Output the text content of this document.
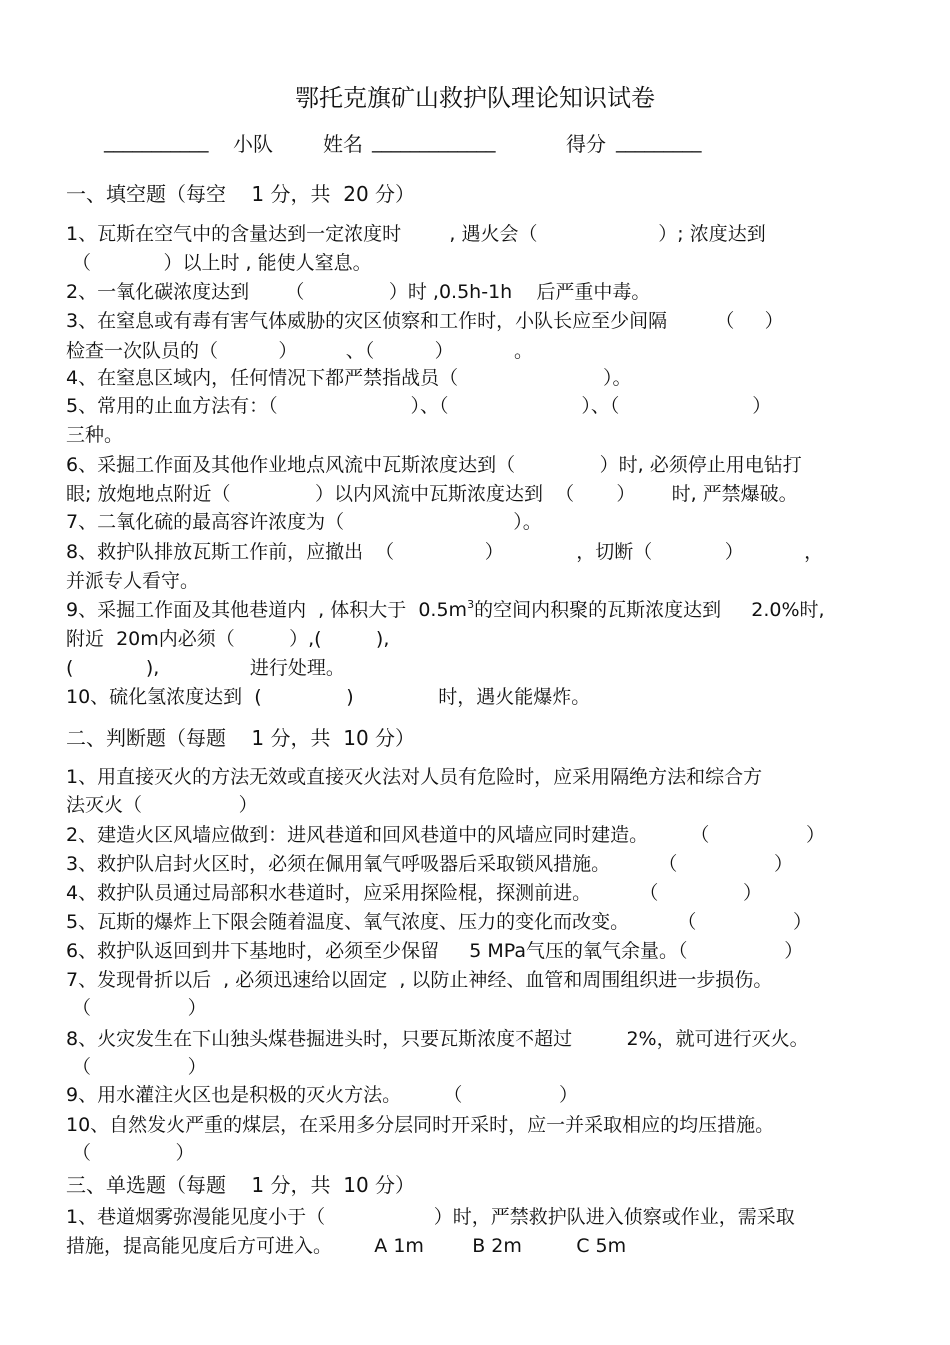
鄂托克旗矿山救护队理论知识试卷
___________ 小队	姓名 _____________	得分 _________
一、填空题（每空    1 分，共  20 分）
1、瓦斯在空气中的含量达到一定浓度时        , 遇火会（                    ）; 浓度达到
（            ）以上时 , 能使人窒息。
2、一氧化碳浓度达到      （              ）时 ,0.5h-1h    后严重中毒。
3、在窒息或有毒有害气体威胁的灾区侦察和工作时，小队长应至少间隔        （     ）
检查一次队员的（          ）        、（          ）          。
4、在窒息区域内，任何情况下都严禁指战员（                        ）。
5、常用的止血方法有：（                      ）、（                      ）、（                      ）
三种。
6、采掘工作面及其他作业地点风流中瓦斯浓度达到（              ）时, 必须停止用电钻打
眼; 放炮地点附近（              ）以内风流中瓦斯浓度达到  （       ）      时, 严禁爆破。
7、二氧化硫的最高容许浓度为（                            ）。
8、救护队排放瓦斯工作前，应撤出  （               ）            ，切断（            ）          ，
并派专人看守。
9、采掘工作面及其他巷道内  , 体积大于  $0.5m^3$的空间内积聚的瓦斯浓度达到     2.0%时,
附近  20m内必须（         ）,(         ),
(            ),               进行处理。
10、硫化氢浓度达到  (              )              时，遇火能爆炸。
二、判断题（每题    1 分，共  10 分）
1、用直接灭火的方法无效或直接灭火法对人员有危险时，应采用隔绝方法和综合方
法灭火（                ）
2、建造火区风墙应做到：进风巷道和回风巷道中的风墙应同时建造。       （                ）
3、救护队启封火区时，必须在佩用氧气呼吸器后采取锁风措施。        （                ）
4、救护队员通过局部积水巷道时，应采用探险棍，探测前进。        （              ）
5、瓦斯的爆炸上下限会随着温度、氧气浓度、压力的变化而改变。        （                ）
6、救护队返回到井下基地时，必须至少保留     5 MPa气压的氧气余量。（                ）
7、发现骨折以后  , 必须迅速给以固定  , 以防止神经、血管和周围组织进一步损伤。
（                ）
8、火灾发生在下山独头煤巷掘进头时，只要瓦斯浓度不超过         2%，就可进行灭火。
（                ）
9、用水灌注火区也是积极的灭火方法。       （                ）
10、自然发火严重的煤层，在采用多分层同时开采时，应一并采取相应的均压措施。
（              ）
三、单选题（每题    1 分，共  10 分）
1、巷道烟雾弥漫能见度小于（                  ）时，严禁救护队进入侦察或作业，需采取
措施，提高能见度后方可进入。       A 1m        B 2m         C 5m
